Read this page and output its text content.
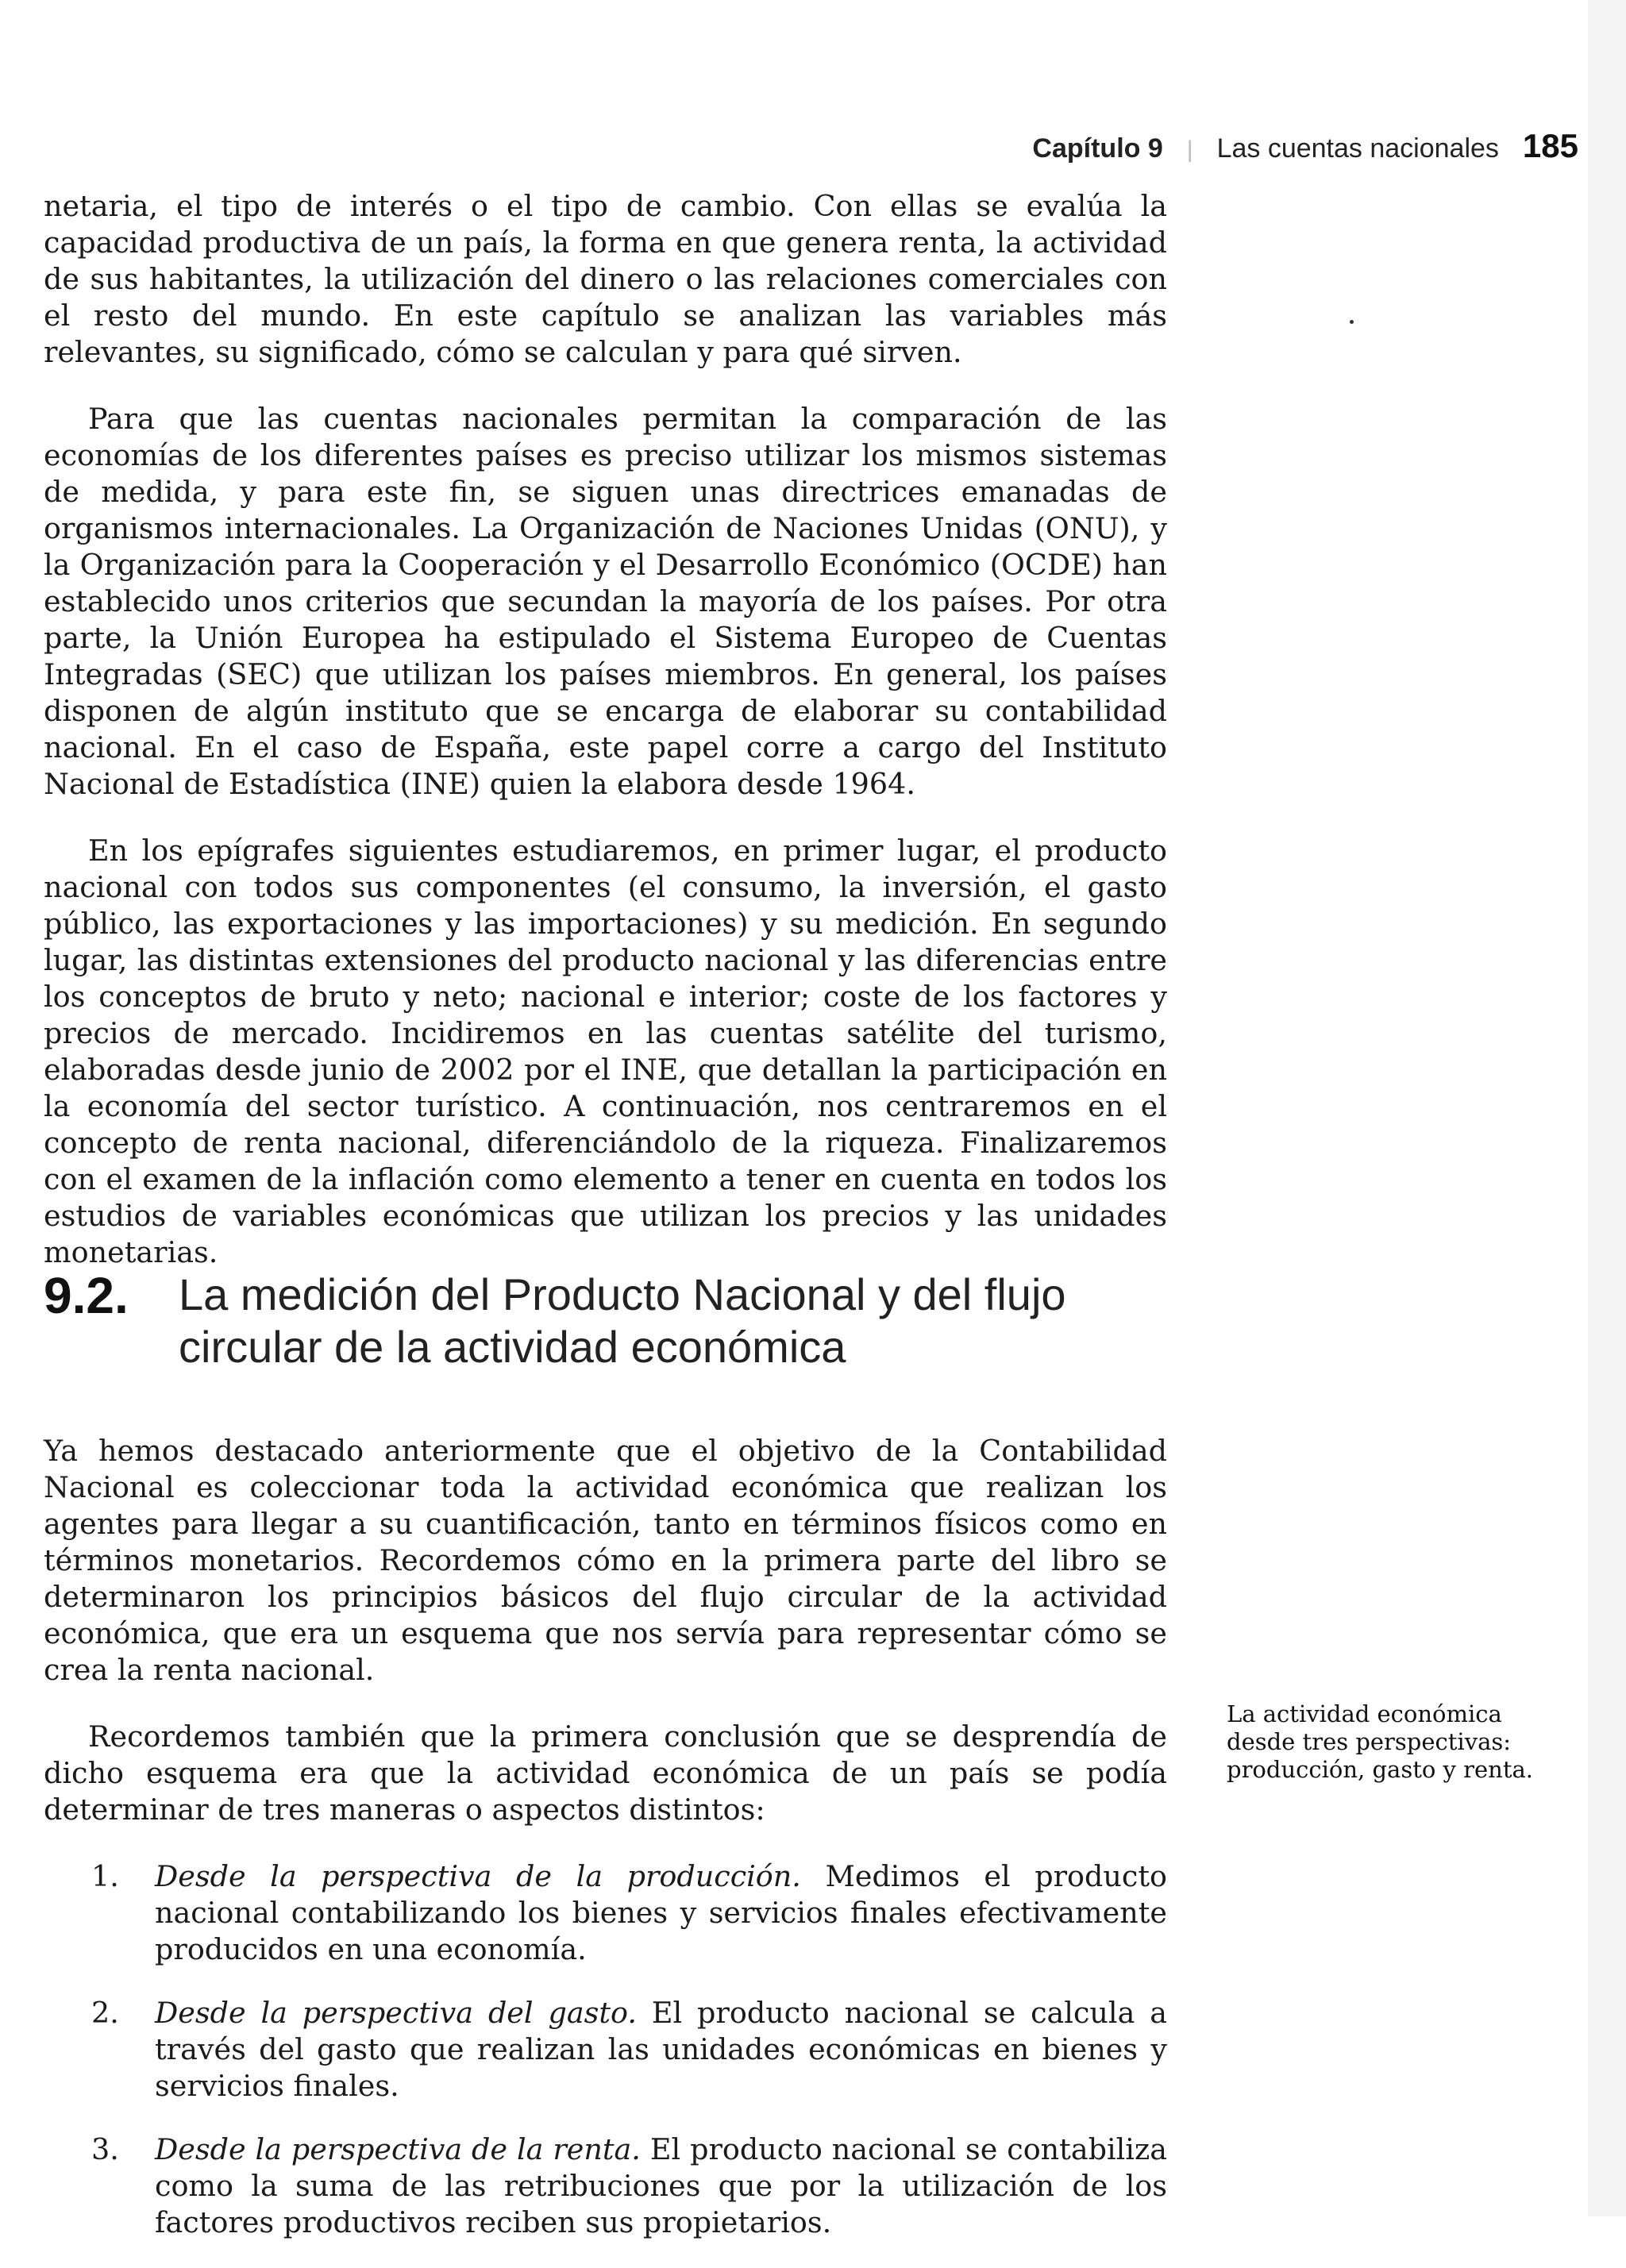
Capítulo 9 | Las cuentas nacionales 185

netaria, el tipo de interés o el tipo de cambio. Con ellas se evalúa la capacidad productiva de un país, la forma en que genera renta, la actividad de sus habitantes, la utilización del dinero o las relaciones comerciales con el resto del mundo. En este capítulo se analizan las variables más relevantes, su significado, cómo se calculan y para qué sirven.

Para que las cuentas nacionales permitan la comparación de las economías de los diferentes países es preciso utilizar los mismos sistemas de medida, y para este fin, se siguen unas directrices emanadas de organismos internacionales. La Organización de Naciones Unidas (ONU), y la Organización para la Cooperación y el Desarrollo Económico (OCDE) han establecido unos criterios que secundan la mayoría de los países. Por otra parte, la Unión Europea ha estipulado el Sistema Europeo de Cuentas Integradas (SEC) que utilizan los países miembros. En general, los países disponen de algún instituto que se encarga de elaborar su contabilidad nacional. En el caso de España, este papel corre a cargo del Instituto Nacional de Estadística (INE) quien la elabora desde 1964.

En los epígrafes siguientes estudiaremos, en primer lugar, el producto nacional con todos sus componentes (el consumo, la inversión, el gasto público, las exportaciones y las importaciones) y su medición. En segundo lugar, las distintas extensiones del producto nacional y las diferencias entre los conceptos de bruto y neto; nacional e interior; coste de los factores y precios de mercado. Incidiremos en las cuentas satélite del turismo, elaboradas desde junio de 2002 por el INE, que detallan la participación en la economía del sector turístico. A continuación, nos centraremos en el concepto de renta nacional, diferenciándolo de la riqueza. Finalizaremos con el examen de la inflación como elemento a tener en cuenta en todos los estudios de variables económicas que utilizan los precios y las unidades monetarias.

9.2.	La medición del Producto Nacional y del flujo
circular de la actividad económica

Ya hemos destacado anteriormente que el objetivo de la Contabilidad Nacional es coleccionar toda la actividad económica que realizan los agentes para llegar a su cuantificación, tanto en términos físicos como en términos monetarios. Recordemos cómo en la primera parte del libro se determinaron los principios básicos del flujo circular de la actividad económica, que era un esquema que nos servía para representar cómo se crea la renta nacional.

Recordemos también que la primera conclusión que se desprendía de dicho esquema era que la actividad económica de un país se podía determinar de tres maneras o aspectos distintos:

1.	Desde la perspectiva de la producción. Medimos el producto nacional contabilizando los bienes y servicios finales efectivamente producidos en una economía.
2.	Desde la perspectiva del gasto. El producto nacional se calcula a través del gasto que realizan las unidades económicas en bienes y servicios finales.
3.	Desde la perspectiva de la renta. El producto nacional se contabiliza como la suma de las retribuciones que por la utilización de los factores productivos reciben sus propietarios.
La actividad económica desde tres perspectivas: producción, gasto y renta.
